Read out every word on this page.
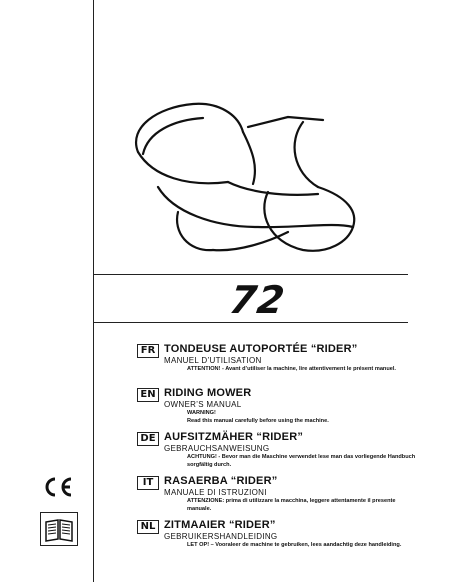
72
FR TONDEUSE AUTOPORTÉE “RIDER”
MANUEL D’UTILISATION
ATTENTION! - Avant d’utiliser la machine, lire attentivement le présent manuel.
EN RIDING MOWER
OWNER’S MANUAL
WARNING!
Read this manual carefully before using the machine.
DE AUFSITZMÄHER “RIDER”
GEBRAUCHSANWEISUNG
ACHTUNG! - Bevor man die Maschine verwendet lese man das vorliegende Handbuch sorgfältig durch.
IT RASAERBA “RIDER”
MANUALE DI ISTRUZIONI
ATTENZIONE: prima di utilizzare la macchina, leggere attentamente il presente manuale.
NL ZITMAAIER “RIDER”
GEBRUIKERSHANDLEIDING
LET OP! – Vooraleer de machine te gebruiken, lees aandachtig deze handleiding.
